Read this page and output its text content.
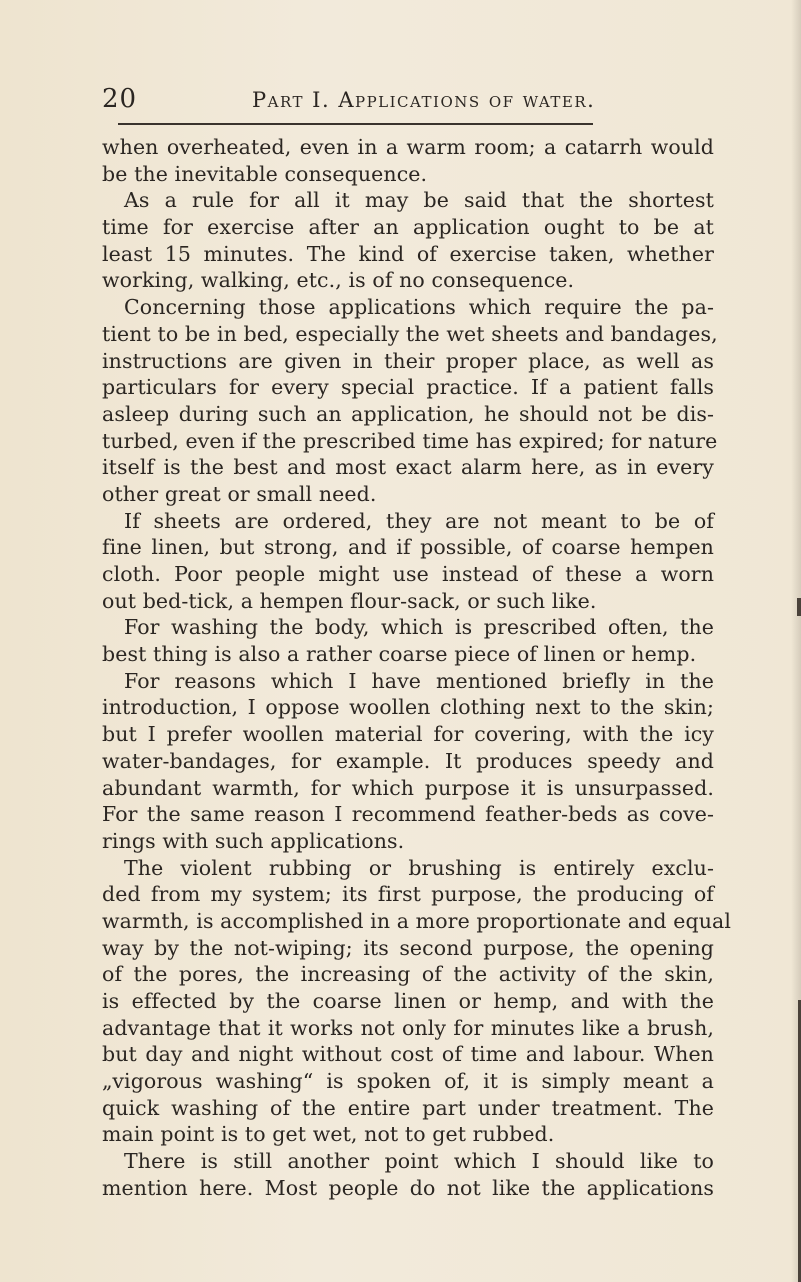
20	Part I. Applications of water.
when overheated, even in a warm room; a catarrh would
be the inevitable consequence.
As a rule for all it may be said that the shortest
time for exercise after an application ought to be at
least 15 minutes. The kind of exercise taken, whether
working, walking, etc., is of no consequence.
Concerning those applications which require the pa-
tient to be in bed, especially the wet sheets and bandages,
instructions are given in their proper place, as well as
particulars for every special practice. If a patient falls
asleep during such an application, he should not be dis-
turbed, even if the prescribed time has expired; for nature
itself is the best and most exact alarm here, as in every
other great or small need.
If sheets are ordered, they are not meant to be of
fine linen, but strong, and if possible, of coarse hempen
cloth. Poor people might use instead of these a worn
out bed-tick, a hempen flour-sack, or such like.
For washing the body, which is prescribed often, the
best thing is also a rather coarse piece of linen or hemp.
For reasons which I have mentioned briefly in the
introduction, I oppose woollen clothing next to the skin;
but I prefer woollen material for covering, with the icy
water-bandages, for example. It produces speedy and
abundant warmth, for which purpose it is unsurpassed.
For the same reason I recommend feather-beds as cove-
rings with such applications.
The violent rubbing or brushing is entirely exclu-
ded from my system; its first purpose, the producing of
warmth, is accomplished in a more proportionate and equal
way by the not-wiping; its second purpose, the opening
of the pores, the increasing of the activity of the skin,
is effected by the coarse linen or hemp, and with the
advantage that it works not only for minutes like a brush,
but day and night without cost of time and labour. When
„vigorous washing“ is spoken of, it is simply meant a
quick washing of the entire part under treatment. The
main point is to get wet, not to get rubbed.
There is still another point which I should like to
mention here. Most people do not like the applications
